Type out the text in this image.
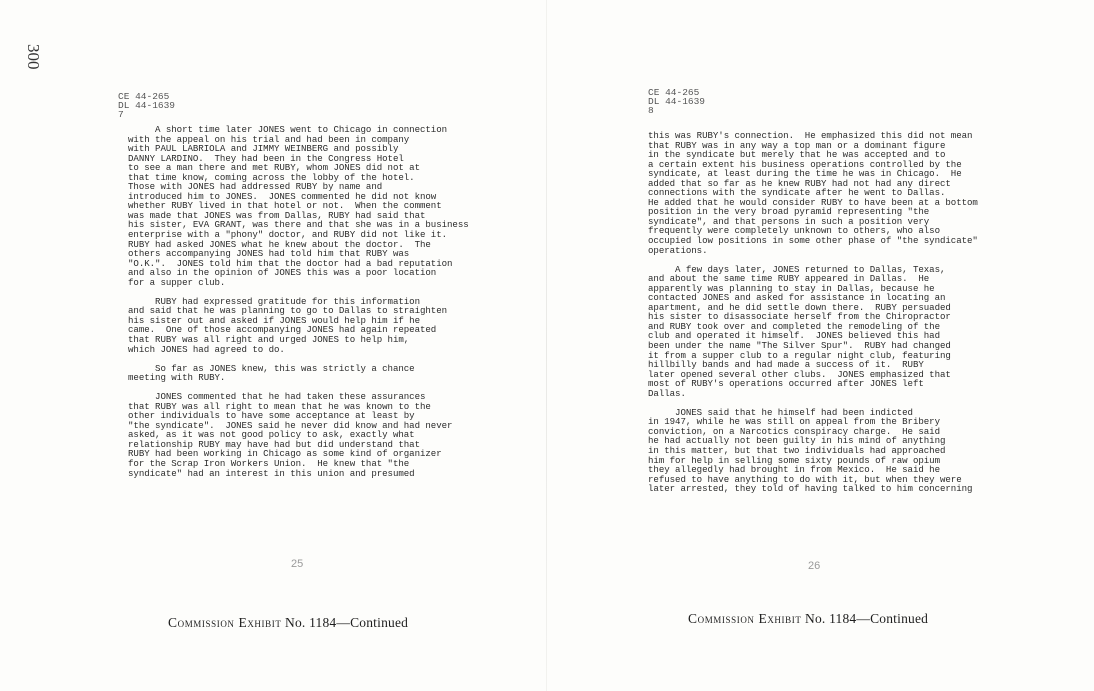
300
CE 44-265
DL 44-1639
7
A short time later JONES went to Chicago in connection
with the appeal on his trial and had been in company
with PAUL LABRIOLA and JIMMY WEINBERG and possibly
DANNY LARDINO.  They had been in the Congress Hotel
to see a man there and met RUBY, whom JONES did not at
that time know, coming across the lobby of the hotel.
Those with JONES had addressed RUBY by name and
introduced him to JONES.  JONES commented he did not know
whether RUBY lived in that hotel or not.  When the comment
was made that JONES was from Dallas, RUBY had said that
his sister, EVA GRANT, was there and that she was in a business
enterprise with a "phony" doctor, and RUBY did not like it.
RUBY had asked JONES what he knew about the doctor.  The
others accompanying JONES had told him that RUBY was
"O.K.".  JONES told him that the doctor had a bad reputation
and also in the opinion of JONES this was a poor location
for a supper club.
RUBY had expressed gratitude for this information
and said that he was planning to go to Dallas to straighten
his sister out and asked if JONES would help him if he
came.  One of those accompanying JONES had again repeated
that RUBY was all right and urged JONES to help him,
which JONES had agreed to do.
So far as JONES knew, this was strictly a chance
meeting with RUBY.
JONES commented that he had taken these assurances
that RUBY was all right to mean that he was known to the
other individuals to have some acceptance at least by
"the syndicate".  JONES said he never did know and had never
asked, as it was not good policy to ask, exactly what
relationship RUBY may have had but did understand that
RUBY had been working in Chicago as some kind of organizer
for the Scrap Iron Workers Union.  He knew that "the
syndicate" had an interest in this union and presumed
25
Commission Exhibit No. 1184—Continued
CE 44-265
DL 44-1639
8
this was RUBY's connection.  He emphasized this did not mean
that RUBY was in any way a top man or a dominant figure
in the syndicate but merely that he was accepted and to
a certain extent his business operations controlled by the
syndicate, at least during the time he was in Chicago.  He
added that so far as he knew RUBY had not had any direct
connections with the syndicate after he went to Dallas.
He added that he would consider RUBY to have been at a bottom
position in the very broad pyramid representing "the
syndicate", and that persons in such a position very
frequently were completely unknown to others, who also
occupied low positions in some other phase of "the syndicate"
operations.
A few days later, JONES returned to Dallas, Texas,
and about the same time RUBY appeared in Dallas.  He
apparently was planning to stay in Dallas, because he
contacted JONES and asked for assistance in locating an
apartment, and he did settle down there.  RUBY persuaded
his sister to disassociate herself from the Chiropractor
and RUBY took over and completed the remodeling of the
club and operated it himself.  JONES believed this had
been under the name "The Silver Spur".  RUBY had changed
it from a supper club to a regular night club, featuring
hillbilly bands and had made a success of it.  RUBY
later opened several other clubs.  JONES emphasized that
most of RUBY's operations occurred after JONES left
Dallas.
JONES said that he himself had been indicted
in 1947, while he was still on appeal from the Bribery
conviction, on a Narcotics conspiracy charge.  He said
he had actually not been guilty in his mind of anything
in this matter, but that two individuals had approached
him for help in selling some sixty pounds of raw opium
they allegedly had brought in from Mexico.  He said he
refused to have anything to do with it, but when they were
later arrested, they told of having talked to him concerning
26
Commission Exhibit No. 1184—Continued
